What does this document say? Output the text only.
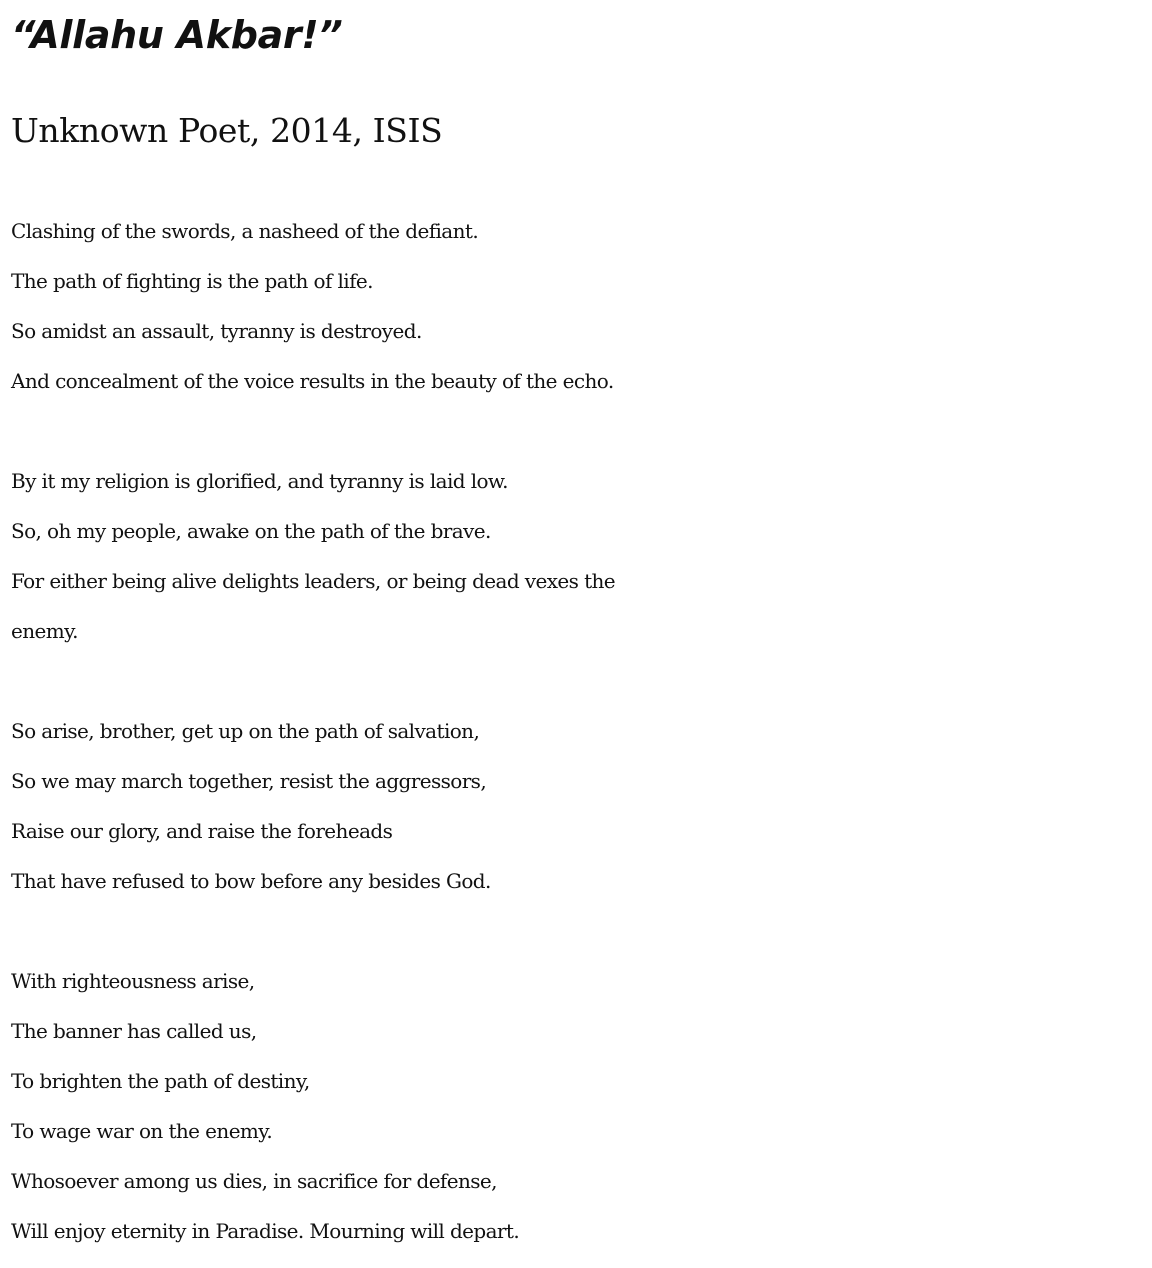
“Allahu Akbar!”
Unknown Poet, 2014, ISIS
Clashing of the swords, a nasheed of the defiant.
The path of fighting is the path of life.
So amidst an assault, tyranny is destroyed.
And concealment of the voice results in the beauty of the echo.
By it my religion is glorified, and tyranny is laid low.
So, oh my people, awake on the path of the brave.
For either being alive delights leaders, or being dead vexes the
enemy.
So arise, brother, get up on the path of salvation,
So we may march together, resist the aggressors,
Raise our glory, and raise the foreheads
That have refused to bow before any besides God.
With righteousness arise,
The banner has called us,
To brighten the path of destiny,
To wage war on the enemy.
Whosoever among us dies, in sacrifice for defense,
Will enjoy eternity in Paradise. Mourning will depart.
